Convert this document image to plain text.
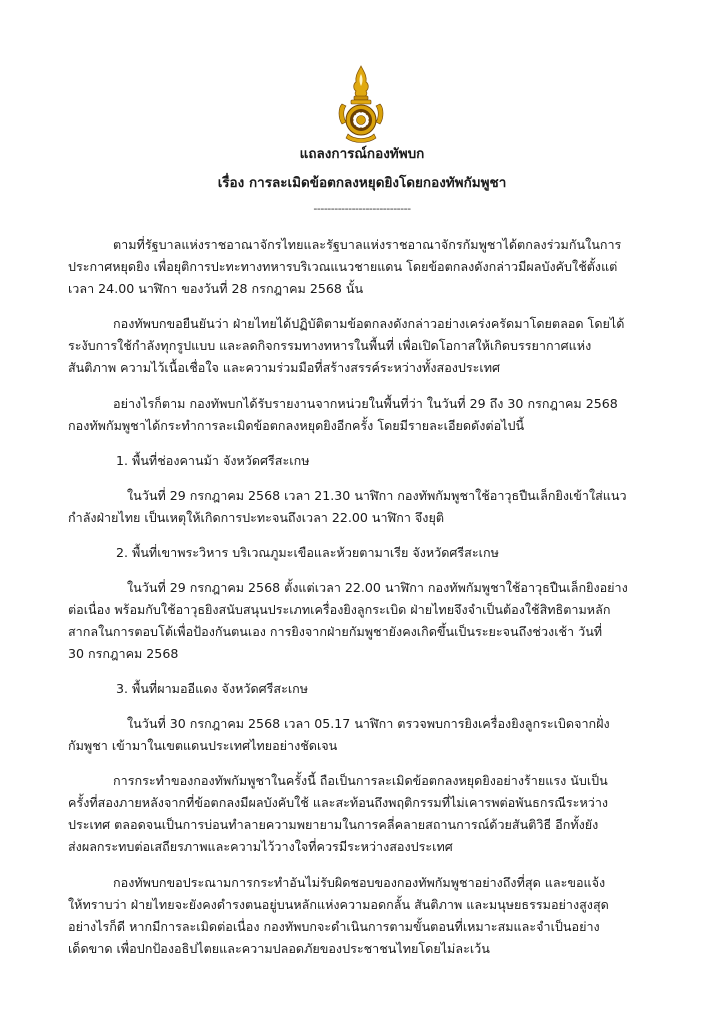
แถลงการณ์กองทัพบก
เรื่อง การละเมิดข้อตกลงหยุดยิงโดยกองทัพกัมพูชา
----------------------------
ตามที่รัฐบาลแห่งราชอาณาจักรไทยและรัฐบาลแห่งราชอาณาจักรกัมพูชาได้ตกลงร่วมกันในการ
ประกาศหยุดยิง เพื่อยุติการปะทะทางทหารบริเวณแนวชายแดน โดยข้อตกลงดังกล่าวมีผลบังคับใช้ตั้งแต่
เวลา 24.00 นาฬิกา ของวันที่ 28 กรกฎาคม 2568 นั้น
กองทัพบกขอยืนยันว่า ฝ่ายไทยได้ปฏิบัติตามข้อตกลงดังกล่าวอย่างเคร่งครัดมาโดยตลอด โดยได้
ระงับการใช้กำลังทุกรูปแบบ และลดกิจกรรมทางทหารในพื้นที่ เพื่อเปิดโอกาสให้เกิดบรรยากาศแห่ง
สันติภาพ ความไว้เนื้อเชื่อใจ และความร่วมมือที่สร้างสรรค์ระหว่างทั้งสองประเทศ
อย่างไรก็ตาม กองทัพบกได้รับรายงานจากหน่วยในพื้นที่ว่า ในวันที่ 29 ถึง 30 กรกฎาคม 2568
กองทัพกัมพูชาได้กระทำการละเมิดข้อตกลงหยุดยิงอีกครั้ง โดยมีรายละเอียดดังต่อไปนี้
1. พื้นที่ช่องคานม้า จังหวัดศรีสะเกษ
ในวันที่ 29 กรกฎาคม 2568 เวลา 21.30 นาฬิกา กองทัพกัมพูชาใช้อาวุธปืนเล็กยิงเข้าใส่แนว
กำลังฝ่ายไทย เป็นเหตุให้เกิดการปะทะจนถึงเวลา 22.00 นาฬิกา จึงยุติ
2. พื้นที่เขาพระวิหาร บริเวณภูมะเขือและห้วยตามาเรีย จังหวัดศรีสะเกษ
ในวันที่ 29 กรกฎาคม 2568 ตั้งแต่เวลา 22.00 นาฬิกา กองทัพกัมพูชาใช้อาวุธปืนเล็กยิงอย่าง
ต่อเนื่อง พร้อมกับใช้อาวุธยิงสนับสนุนประเภทเครื่องยิงลูกระเบิด ฝ่ายไทยจึงจำเป็นต้องใช้สิทธิตามหลัก
สากลในการตอบโต้เพื่อป้องกันตนเอง การยิงจากฝ่ายกัมพูชายังคงเกิดขึ้นเป็นระยะจนถึงช่วงเช้า วันที่
30 กรกฎาคม 2568
3. พื้นที่ผามออีแดง จังหวัดศรีสะเกษ
ในวันที่ 30 กรกฎาคม 2568 เวลา 05.17 นาฬิกา ตรวจพบการยิงเครื่องยิงลูกระเบิดจากฝั่ง
กัมพูชา เข้ามาในเขตแดนประเทศไทยอย่างชัดเจน
การกระทำของกองทัพกัมพูชาในครั้งนี้ ถือเป็นการละเมิดข้อตกลงหยุดยิงอย่างร้ายแรง นับเป็น
ครั้งที่สองภายหลังจากที่ข้อตกลงมีผลบังคับใช้ และสะท้อนถึงพฤติกรรมที่ไม่เคารพต่อพันธกรณีระหว่าง
ประเทศ ตลอดจนเป็นการบ่อนทำลายความพยายามในการคลี่คลายสถานการณ์ด้วยสันติวิธี อีกทั้งยัง
ส่งผลกระทบต่อเสถียรภาพและความไว้วางใจที่ควรมีระหว่างสองประเทศ
กองทัพบกขอประณามการกระทำอันไม่รับผิดชอบของกองทัพกัมพูชาอย่างถึงที่สุด และขอแจ้ง
ให้ทราบว่า ฝ่ายไทยจะยังคงดำรงตนอยู่บนหลักแห่งความอดกลั้น สันติภาพ และมนุษยธรรมอย่างสูงสุด
อย่างไรก็ดี หากมีการละเมิดต่อเนื่อง กองทัพบกจะดำเนินการตามขั้นตอนที่เหมาะสมและจำเป็นอย่าง
เด็ดขาด เพื่อปกป้องอธิปไตยและความปลอดภัยของประชาชนไทยโดยไม่ละเว้น
